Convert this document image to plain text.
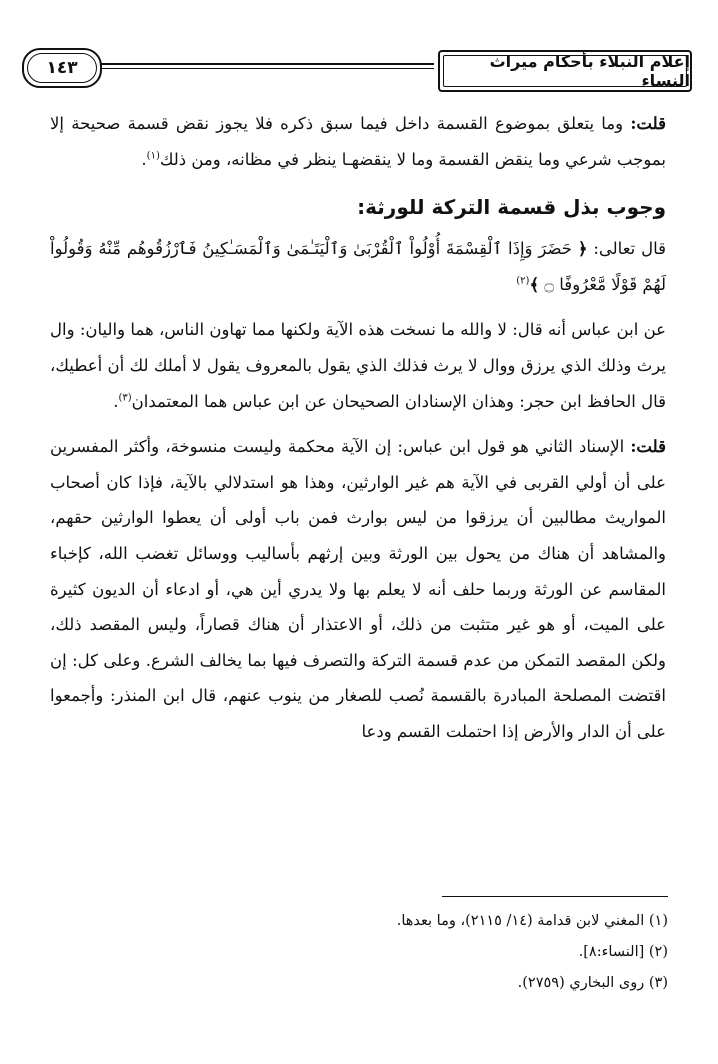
إعلام النبلاء بأحكام ميراث النساء
١٤٣

قلت: وما يتعلق بموضوع القسمة داخل فيما سبق ذكره فلا يجوز نقض قسمة صحيحة إلا بموجب شرعي وما ينقض القسمة وما لا ينقضهـا ينظر في مظانه، ومن ذلك$^{(١)}$.

وجوب بذل قسمة التركة للورثة:

قال تعالى: ﴿ حَضَرَ وَإِذَا ٱلْقِسْمَةَ أُوْلُواْ ٱلْقُرْبَىٰ وَٱلْيَتَـٰمَىٰ وَٱلْمَسَـٰكِينُ فَٱرْزُقُوهُم مِّنْهُ وَقُولُواْ لَهُمْ قَوْلًا مَّعْرُوفًا ۝ ﴾$^{(٢)}$

عن ابن عباس أنه قال: لا والله ما نسخت هذه الآية ولكنها مما تهاون الناس، هما واليان: وال يرث وذلك الذي يرزق ووال لا يرث فذلك الذي يقول بالمعروف يقول لا أملك لك أن أعطيك، قال الحافظ ابن حجر: وهذان الإسنادان الصحيحان عن ابن عباس هما المعتمدان$^{(٣)}$.

قلت: الإسناد الثاني هو قول ابن عباس: إن الآية محكمة وليست منسوخة، وأكثر المفسرين على أن أولي القربى في الآية هم غير الوارثين، وهذا هو استدلالي بالآية، فإذا كان أصحاب المواريث مطالبين أن يرزقوا من ليس بوارث فمن باب أولى أن يعطوا الوارثين حقهم، والمشاهد أن هناك من يحول بين الورثة وبين إرثهم بأساليب ووسائل تغضب الله، كإخباء المقاسم عن الورثة وربما حلف أنه لا يعلم بها ولا يدري أين هي، أو ادعاء أن الديون كثيرة على الميت، أو هو غير متثبت من ذلك، أو الاعتذار أن هناك قصاراً، وليس المقصد ذلك، ولكن المقصد التمكن من عدم قسمة التركة والتصرف فيها بما يخالف الشرع. وعلى كل: إن اقتضت المصلحة المبادرة بالقسمة نُصب للصغار من ينوب عنهم، قال ابن المنذر: وأجمعوا على أن الدار والأرض إذا احتملت القسم ودعا

(١) المغني لابن قدامة (١٤/ ٢١١٥)، وما بعدها.
(٢) [النساء:٨].
(٣) روى البخاري (٢٧٥٩).
